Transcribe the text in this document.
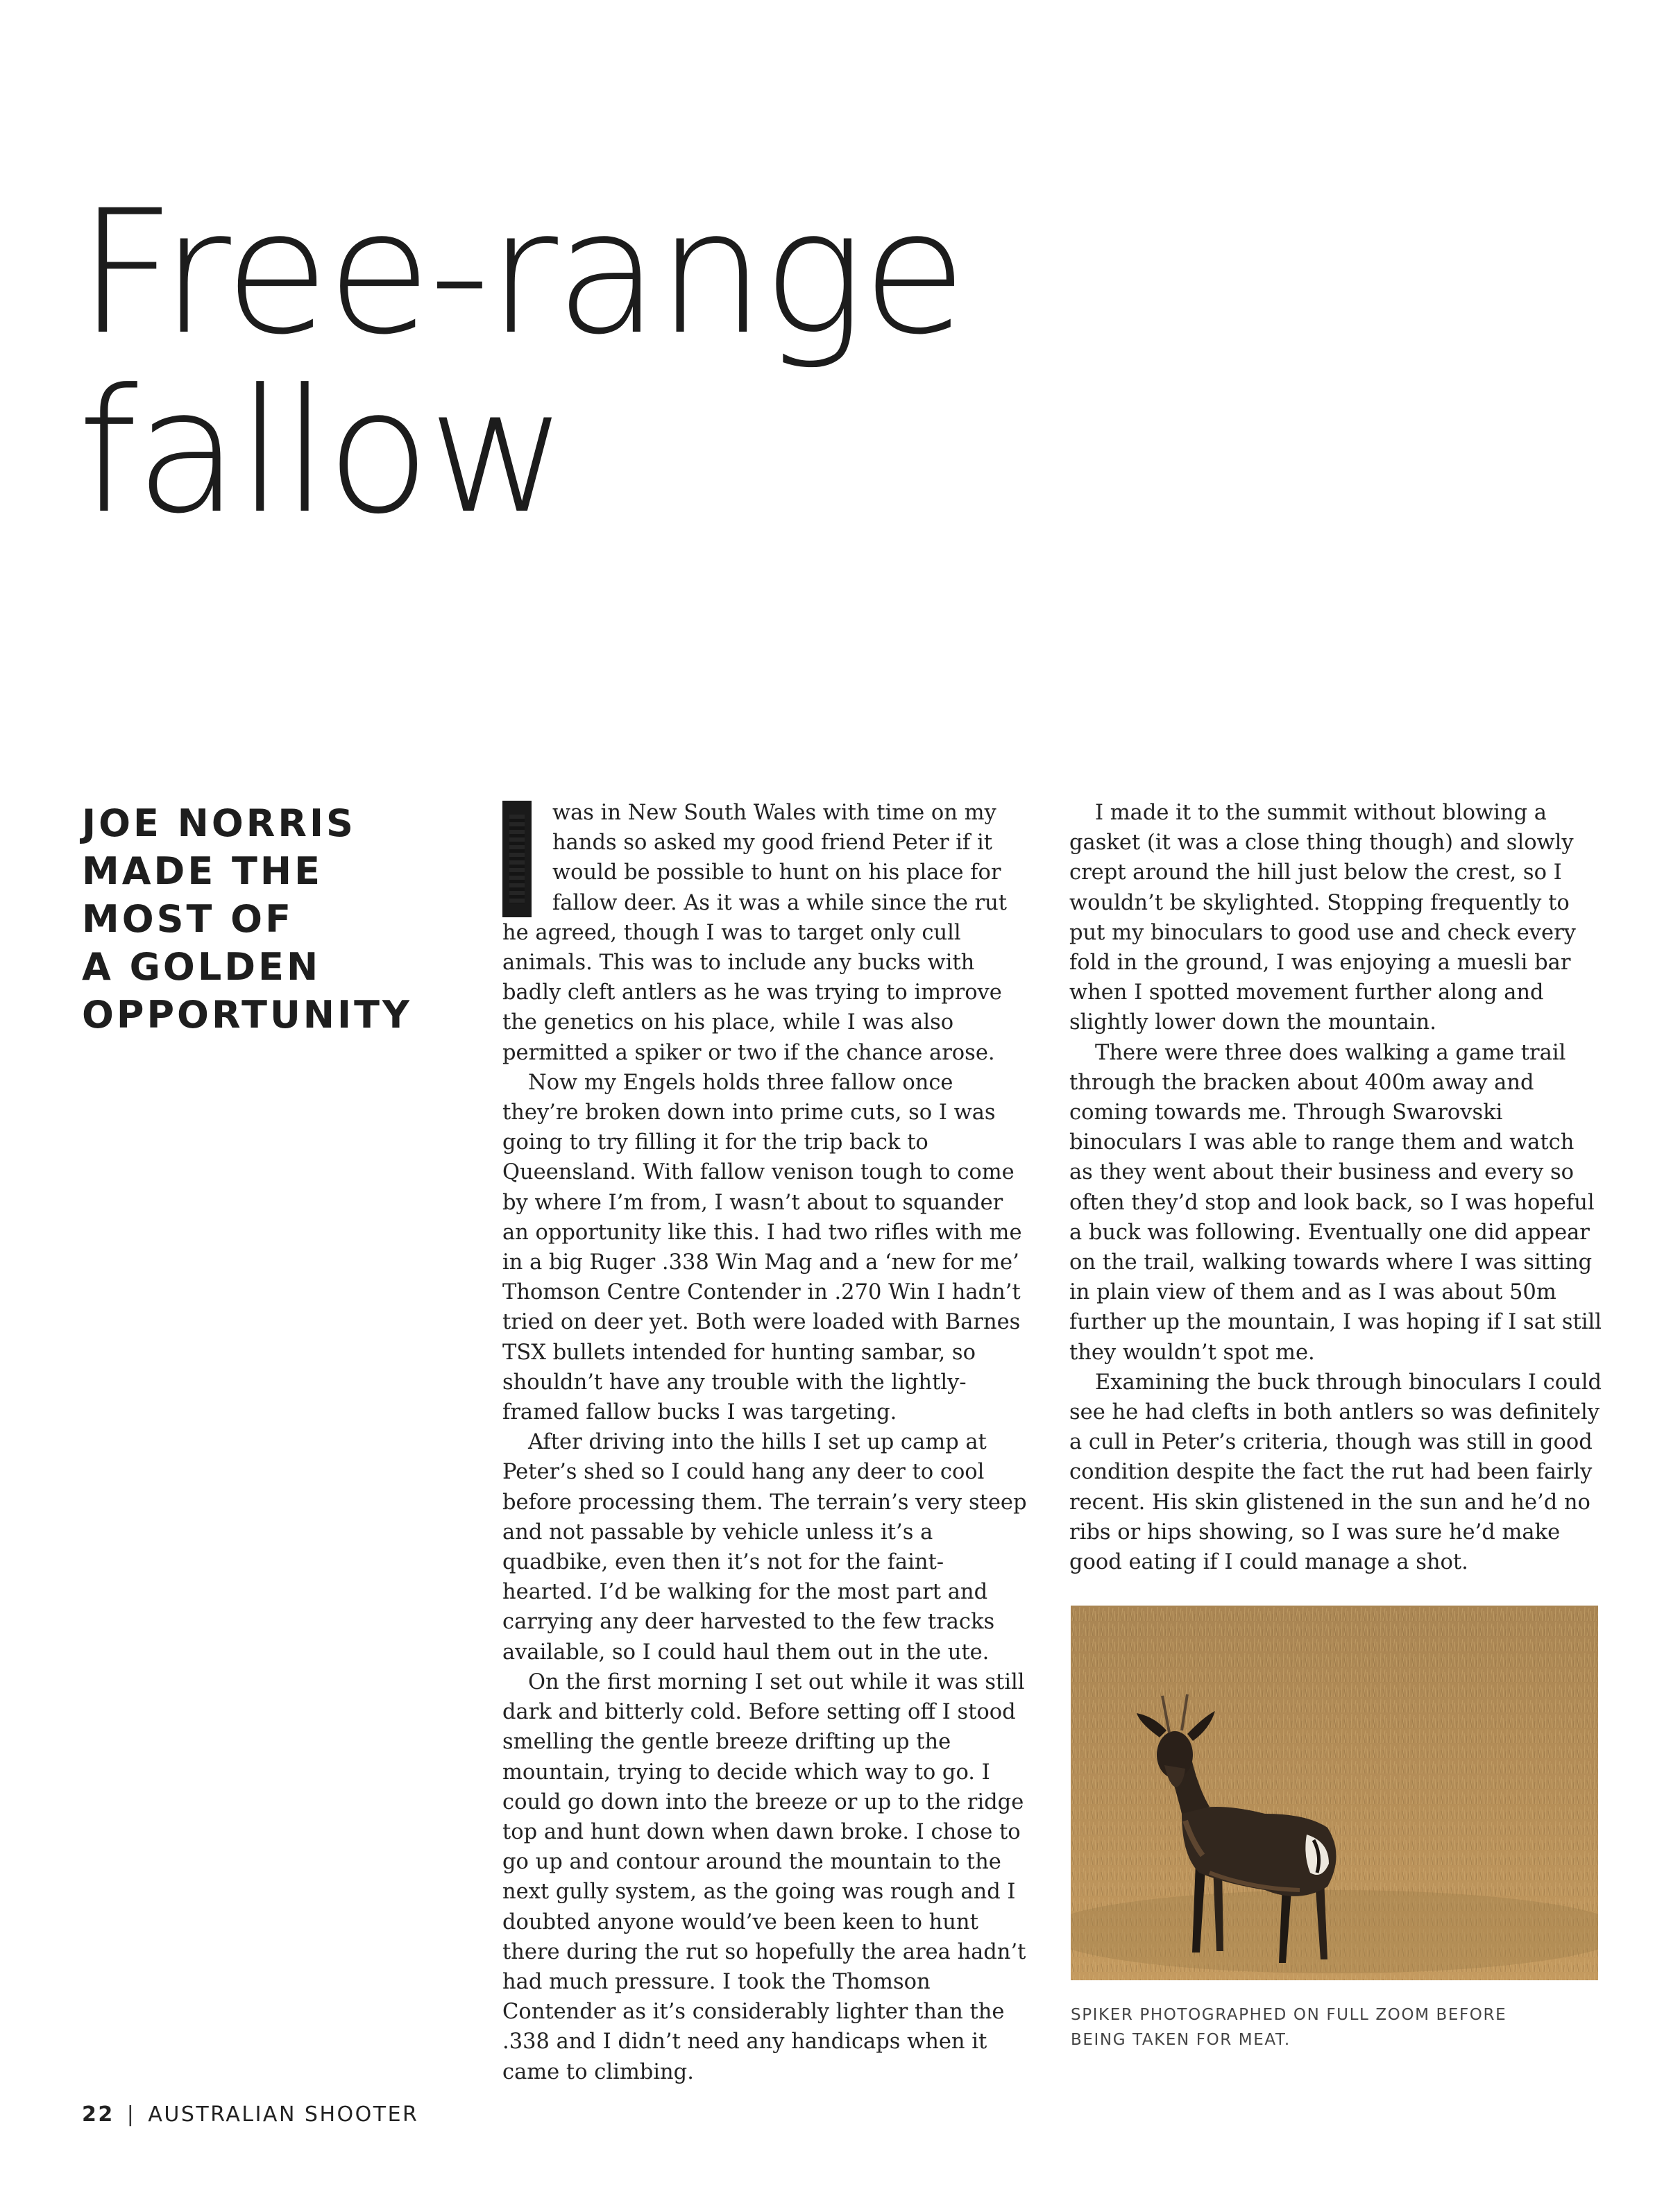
Free-range
fallow
JOE NORRIS
MADE THE
MOST OF
A GOLDEN
OPPORTUNITY

was in New South Wales with time on my hands so asked my good friend Peter if it would be possible to hunt on his place for fallow deer. As it was a while since the rut he agreed, though I was to target only cull animals. This was to include any bucks with badly cleft antlers as he was trying to improve the genetics on his place, while I was also permitted a spiker or two if the chance arose.

Now my Engels holds three fallow once they’re broken down into prime cuts, so I was going to try filling it for the trip back to Queensland. With fallow venison tough to come by where I’m from, I wasn’t about to squander an opportunity like this. I had two rifles with me in a big Ruger .338 Win Mag and a ‘new for me’ Thomson Centre Contender in .270 Win I hadn’t tried on deer yet. Both were loaded with Barnes TSX bullets intended for hunting sambar, so shouldn’t have any trouble with the lightly-framed fallow bucks I was targeting.

After driving into the hills I set up camp at Peter’s shed so I could hang any deer to cool before processing them. The terrain’s very steep and not passable by vehicle unless it’s a quadbike, even then it’s not for the faint-hearted. I’d be walking for the most part and carrying any deer harvested to the few tracks available, so I could haul them out in the ute.

On the first morning I set out while it was still dark and bitterly cold. Before setting off I stood smelling the gentle breeze drifting up the mountain, trying to decide which way to go. I could go down into the breeze or up to the ridge top and hunt down when dawn broke. I chose to go up and contour around the mountain to the next gully system, as the going was rough and I doubted anyone would’ve been keen to hunt there during the rut so hopefully the area hadn’t had much pressure. I took the Thomson Contender as it’s considerably lighter than the .338 and I didn’t need any handicaps when it came to climbing.

I made it to the summit without blowing a gasket (it was a close thing though) and slowly crept around the hill just below the crest, so I wouldn’t be skylighted. Stopping frequently to put my binoculars to good use and check every fold in the ground, I was enjoying a muesli bar when I spotted movement further along and slightly lower down the mountain.

There were three does walking a game trail through the bracken about 400m away and coming towards me. Through Swarovski binoculars I was able to range them and watch as they went about their business and every so often they’d stop and look back, so I was hopeful a buck was following. Eventually one did appear on the trail, walking towards where I was sitting in plain view of them and as I was about 50m further up the mountain, I was hoping if I sat still they wouldn’t spot me.

Examining the buck through binoculars I could see he had clefts in both antlers so was definitely a cull in Peter’s criteria, though was still in good condition despite the fact the rut had been fairly recent. His skin glistened in the sun and he’d no ribs or hips showing, so I was sure he’d make good eating if I could manage a shot.

SPIKER PHOTOGRAPHED ON FULL ZOOM BEFORE
BEING TAKEN FOR MEAT.
22 | AUSTRALIAN SHOOTER
